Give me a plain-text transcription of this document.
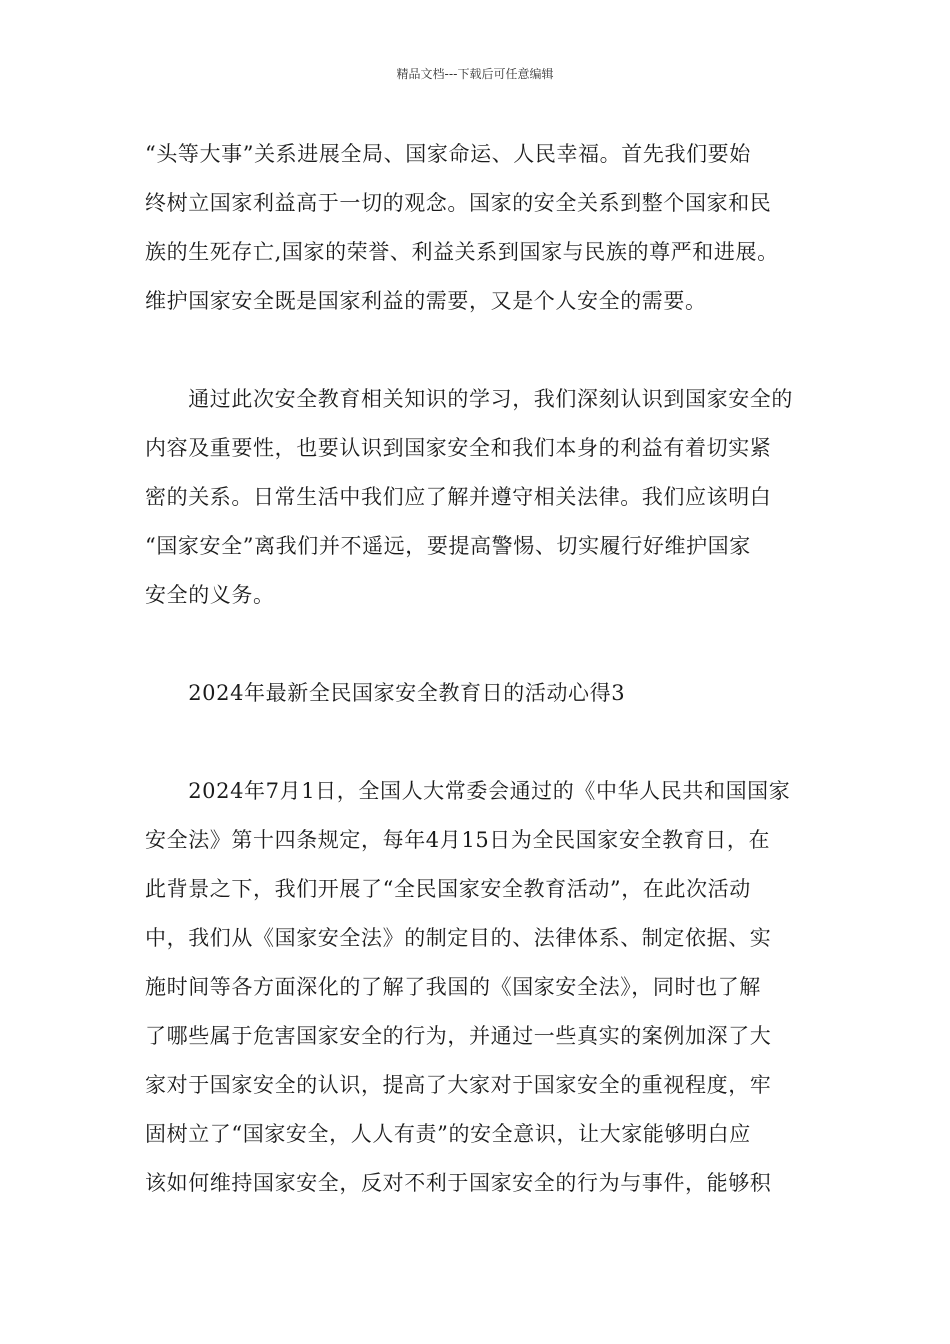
精品文档---下载后可任意编辑
“头等大事”关系进展全局、国家命运、人民幸福。首先我们要始
终树立国家利益高于一切的观念。国家的安全关系到整个国家和民
族的生死存亡,国家的荣誉、利益关系到国家与民族的尊严和进展。
维护国家安全既是国家利益的需要，又是个人安全的需要。
　　通过此次安全教育相关知识的学习，我们深刻认识到国家安全的
内容及重要性，也要认识到国家安全和我们本身的利益有着切实紧
密的关系。日常生活中我们应了解并遵守相关法律。我们应该明白
“国家安全”离我们并不遥远，要提高警惕、切实履行好维护国家
安全的义务。
　　2024年最新全民国家安全教育日的活动心得3
　　2024年7月1日，全国人大常委会通过的《中华人民共和国国家
安全法》第十四条规定，每年4月15日为全民国家安全教育日，在
此背景之下，我们开展了“全民国家安全教育活动”，在此次活动
中，我们从《国家安全法》的制定目的、法律体系、制定依据、实
施时间等各方面深化的了解了我国的《国家安全法》，同时也了解
了哪些属于危害国家安全的行为，并通过一些真实的案例加深了大
家对于国家安全的认识，提高了大家对于国家安全的重视程度，牢
固树立了“国家安全，人人有责”的安全意识，让大家能够明白应
该如何维持国家安全，反对不利于国家安全的行为与事件，能够积
